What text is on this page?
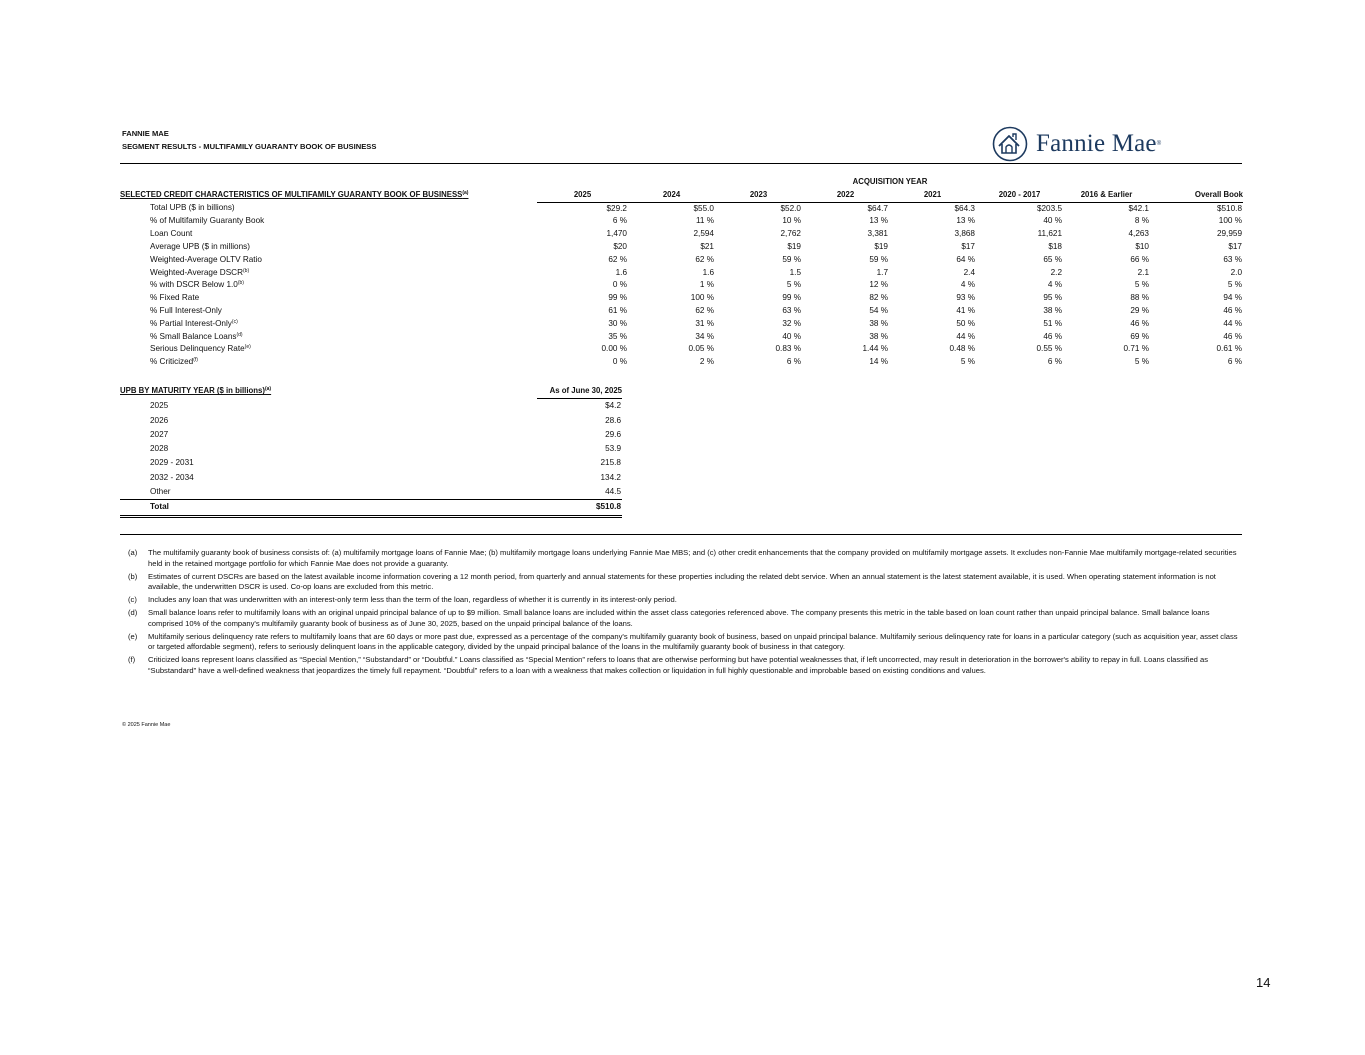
FANNIE MAE
SEGMENT RESULTS - MULTIFAMILY GUARANTY BOOK OF BUSINESS	Fannie Mae ®
		ACQUISITION YEAR							
SELECTED CREDIT CHARACTERISTICS OF MULTIFAMILY GUARANTY BOOK OF BUSINESS$^{(a)}$		2025	2024	2023	2022	2021	2020 - 2017	2016 & Earlier	Overall Book
Total UPB ($ in billions)		$29.2	$55.0	$52.0	$64.7	$64.3	$203.5	$42.1	$510.8
% of Multifamily Guaranty Book		6 %	11 %	10 %	13 %	13 %	40 %	8 %	100 %
Loan Count		1,470	2,594	2,762	3,381	3,868	11,621	4,263	29,959
Average UPB ($ in millions)		$20	$21	$19	$19	$17	$18	$10	$17
Weighted-Average OLTV Ratio		62 %	62 %	59 %	59 %	64 %	65 %	66 %	63 %
Weighted-Average DSCR$^{(b)}$		1.6	1.6	1.5	1.7	2.4	2.2	2.1	2.0
% with DSCR Below 1.0$^{(b)}$		0 %	1 %	5 %	12 %	4 %	4 %	5 %	5 %
% Fixed Rate		99 %	100 %	99 %	82 %	93 %	95 %	88 %	94 %
% Full Interest-Only		61 %	62 %	63 %	54 %	41 %	38 %	29 %	46 %
% Partial Interest-Only$^{(c)}$		30 %	31 %	32 %	38 %	50 %	51 %	46 %	44 %
% Small Balance Loans$^{(d)}$		35 %	34 %	40 %	38 %	44 %	46 %	69 %	46 %
Serious Delinquency Rate$^{(e)}$		0.00 %	0.05 %	0.83 %	1.44 %	0.48 %	0.55 %	0.71 %	0.61 %
% Criticized$^{(f)}$		0 %	2 %	6 %	14 %	5 %	6 %	5 %	6 %
UPB BY MATURITY YEAR ($ in billions)$^{(a)}$	As of June 30, 2025
2025	$4.2
2026	28.6
2027	29.6
2028	53.9
2029 - 2031	215.8
2032 - 2034	134.2
Other	44.5
Total	$510.8
(a)	The multifamily guaranty book of business consists of: (a) multifamily mortgage loans of Fannie Mae; (b) multifamily mortgage loans underlying Fannie Mae MBS; and (c) other credit enhancements that the company provided on multifamily mortgage assets. It excludes non-Fannie Mae multifamily mortgage-related securities held in the retained mortgage portfolio for which Fannie Mae does not provide a guaranty.
(b)	Estimates of current DSCRs are based on the latest available income information covering a 12 month period, from quarterly and annual statements for these properties including the related debt service. When an annual statement is the latest statement available, it is used. When operating statement information is not available, the underwritten DSCR is used. Co-op loans are excluded from this metric.
(c)	Includes any loan that was underwritten with an interest-only term less than the term of the loan, regardless of whether it is currently in its interest-only period.
(d)	Small balance loans refer to multifamily loans with an original unpaid principal balance of up to $9 million. Small balance loans are included within the asset class categories referenced above. The company presents this metric in the table based on loan count rather than unpaid principal balance. Small balance loans comprised 10% of the company's multifamily guaranty book of business as of June 30, 2025, based on the unpaid principal balance of the loans.
(e)	Multifamily serious delinquency rate refers to multifamily loans that are 60 days or more past due, expressed as a percentage of the company's multifamily guaranty book of business, based on unpaid principal balance. Multifamily serious delinquency rate for loans in a particular category (such as acquisition year, asset class or targeted affordable segment), refers to seriously delinquent loans in the applicable category, divided by the unpaid principal balance of the loans in the multifamily guaranty book of business in that category.
(f)	Criticized loans represent loans classified as “Special Mention,” “Substandard” or “Doubtful.” Loans classified as “Special Mention” refers to loans that are otherwise performing but have potential weaknesses that, if left uncorrected, may result in deterioration in the borrower's ability to repay in full. Loans classified as “Substandard” have a well-defined weakness that jeopardizes the timely full repayment. “Doubtful” refers to a loan with a weakness that makes collection or liquidation in full highly questionable and improbable based on existing conditions and values.
© 2025 Fannie Mae
14
